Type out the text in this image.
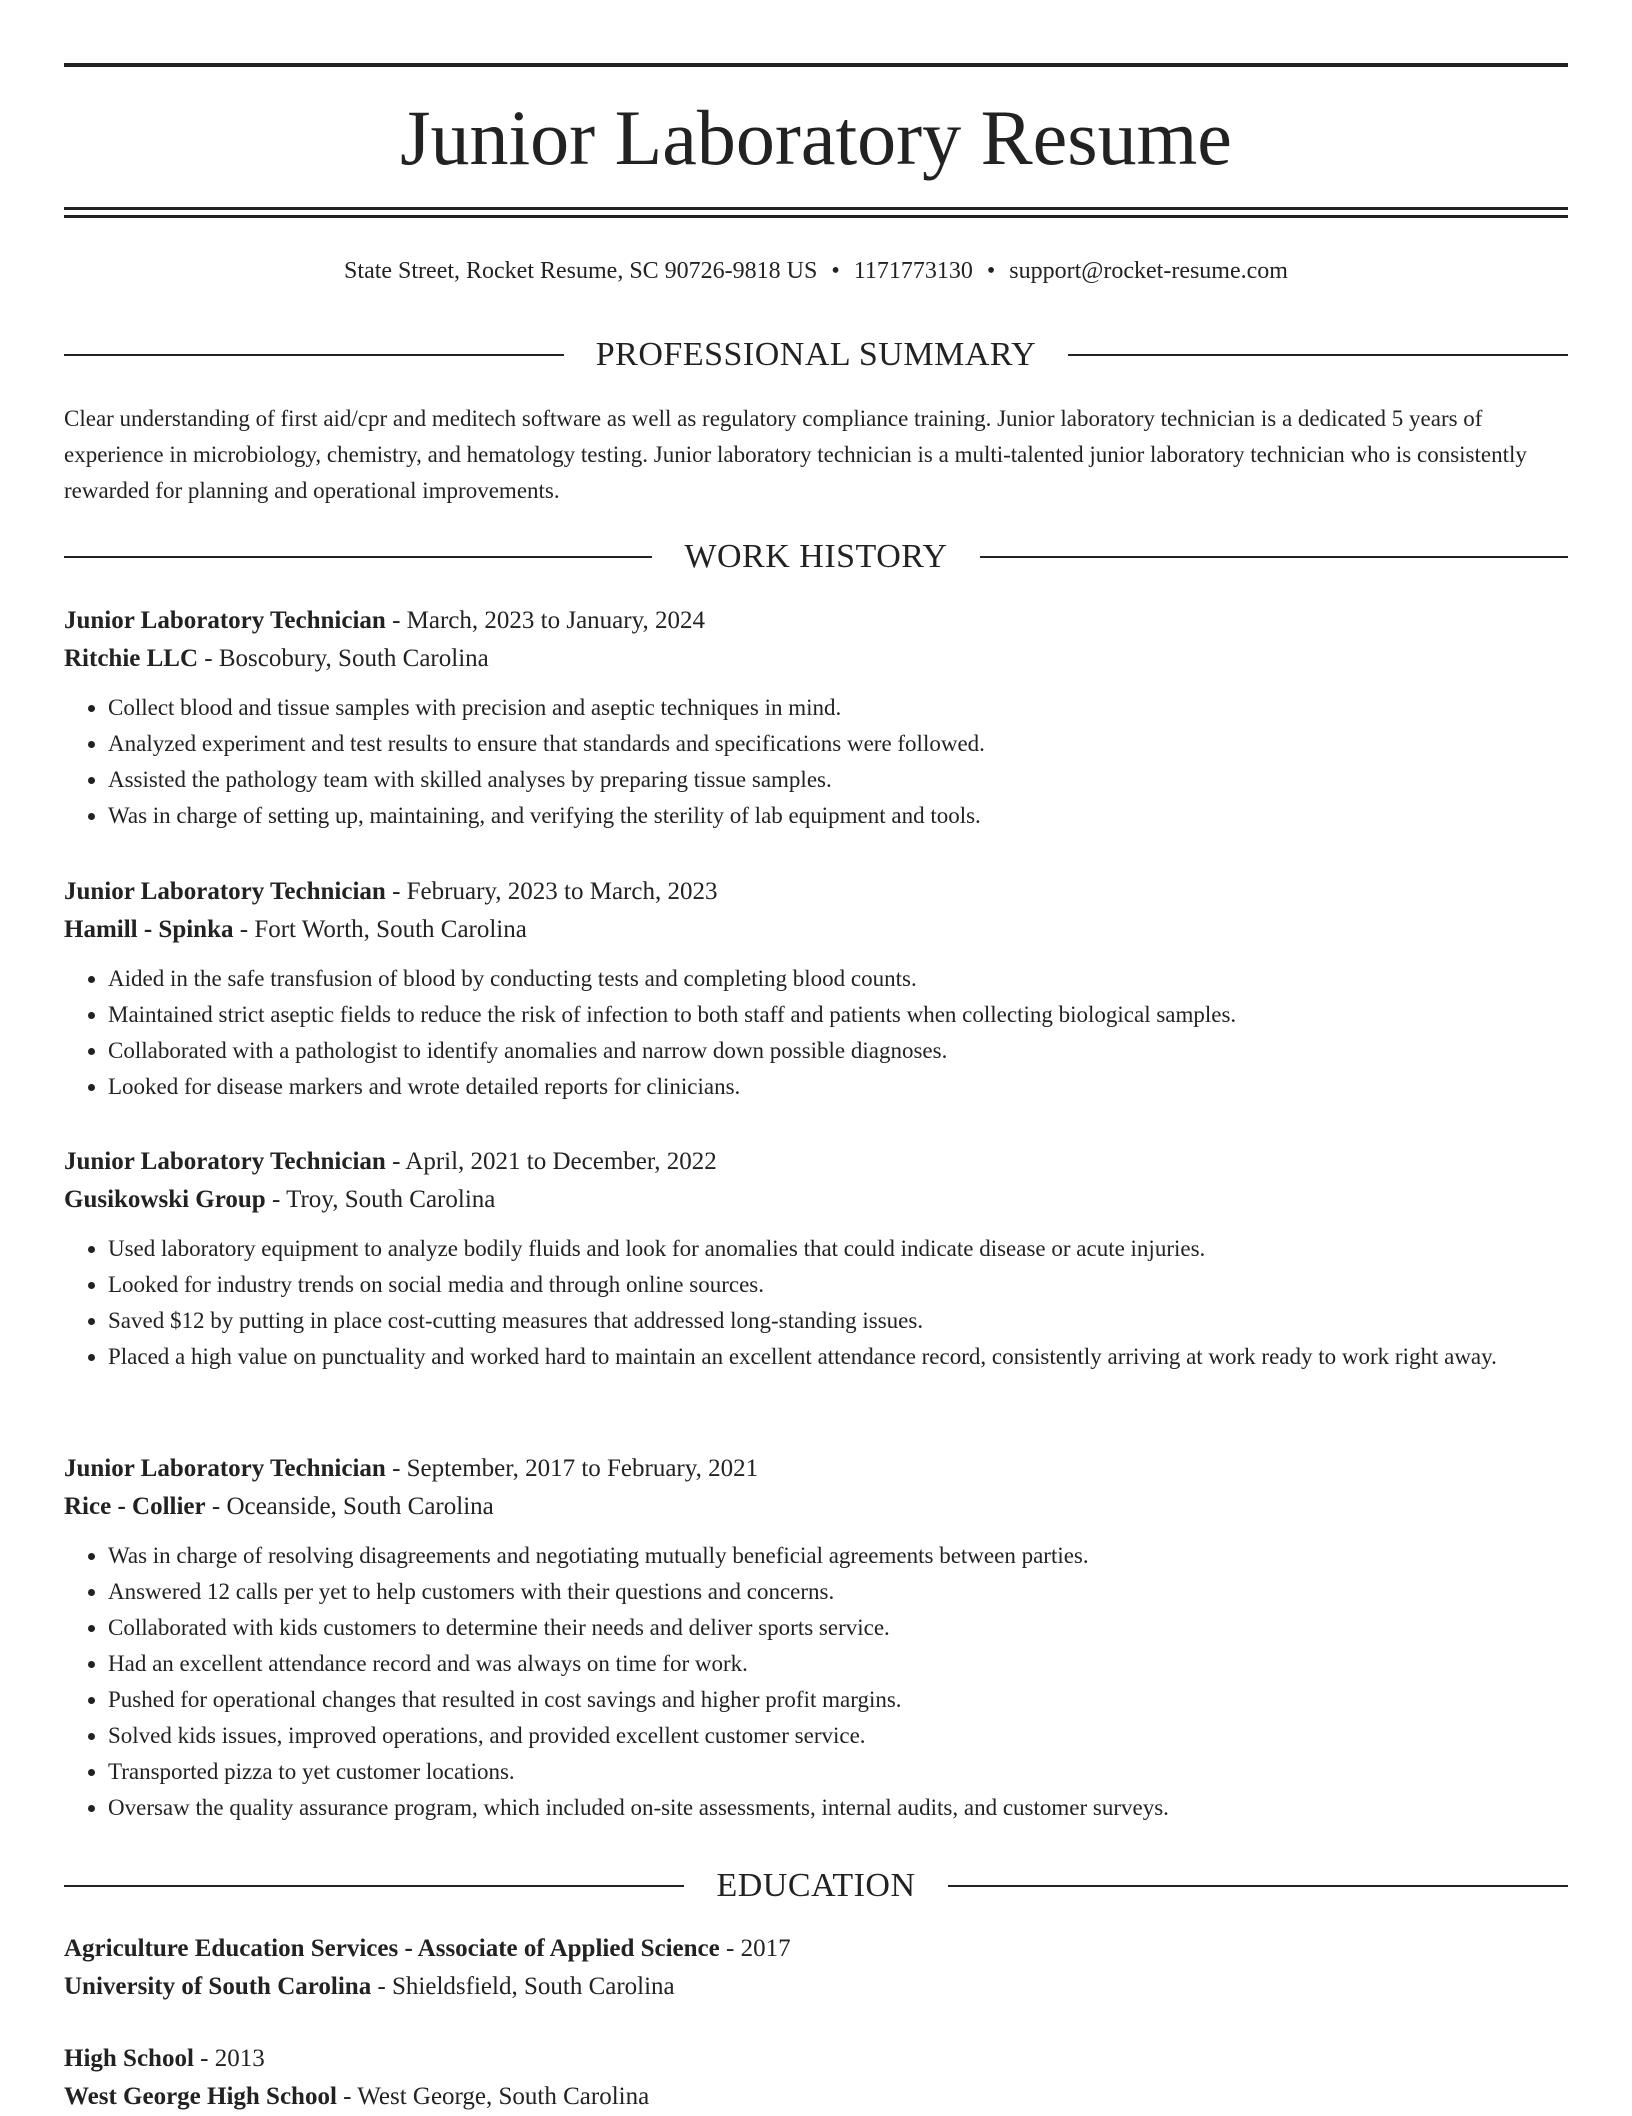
Junior Laboratory Resume
State Street, Rocket Resume, SC 90726-9818 US • 1171773130 • support@rocket-resume.com
PROFESSIONAL SUMMARY
Clear understanding of first aid/cpr and meditech software as well as regulatory compliance training. Junior laboratory technician is a dedicated 5 years of experience in microbiology, chemistry, and hematology testing. Junior laboratory technician is a multi-talented junior laboratory technician who is consistently rewarded for planning and operational improvements.
WORK HISTORY
Junior Laboratory Technician - March, 2023 to January, 2024
Ritchie LLC - Boscobury, South Carolina
• Collect blood and tissue samples with precision and aseptic techniques in mind.
• Analyzed experiment and test results to ensure that standards and specifications were followed.
• Assisted the pathology team with skilled analyses by preparing tissue samples.
• Was in charge of setting up, maintaining, and verifying the sterility of lab equipment and tools.
Junior Laboratory Technician - February, 2023 to March, 2023
Hamill - Spinka - Fort Worth, South Carolina
• Aided in the safe transfusion of blood by conducting tests and completing blood counts.
• Maintained strict aseptic fields to reduce the risk of infection to both staff and patients when collecting biological samples.
• Collaborated with a pathologist to identify anomalies and narrow down possible diagnoses.
• Looked for disease markers and wrote detailed reports for clinicians.
Junior Laboratory Technician - April, 2021 to December, 2022
Gusikowski Group - Troy, South Carolina
• Used laboratory equipment to analyze bodily fluids and look for anomalies that could indicate disease or acute injuries.
• Looked for industry trends on social media and through online sources.
• Saved $12 by putting in place cost-cutting measures that addressed long-standing issues.
• Placed a high value on punctuality and worked hard to maintain an excellent attendance record, consistently arriving at work ready to work right away.
Junior Laboratory Technician - September, 2017 to February, 2021
Rice - Collier - Oceanside, South Carolina
• Was in charge of resolving disagreements and negotiating mutually beneficial agreements between parties.
• Answered 12 calls per yet to help customers with their questions and concerns.
• Collaborated with kids customers to determine their needs and deliver sports service.
• Had an excellent attendance record and was always on time for work.
• Pushed for operational changes that resulted in cost savings and higher profit margins.
• Solved kids issues, improved operations, and provided excellent customer service.
• Transported pizza to yet customer locations.
• Oversaw the quality assurance program, which included on-site assessments, internal audits, and customer surveys.
EDUCATION
Agriculture Education Services - Associate of Applied Science - 2017
University of South Carolina - Shieldsfield, South Carolina
High School - 2013
West George High School - West George, South Carolina
